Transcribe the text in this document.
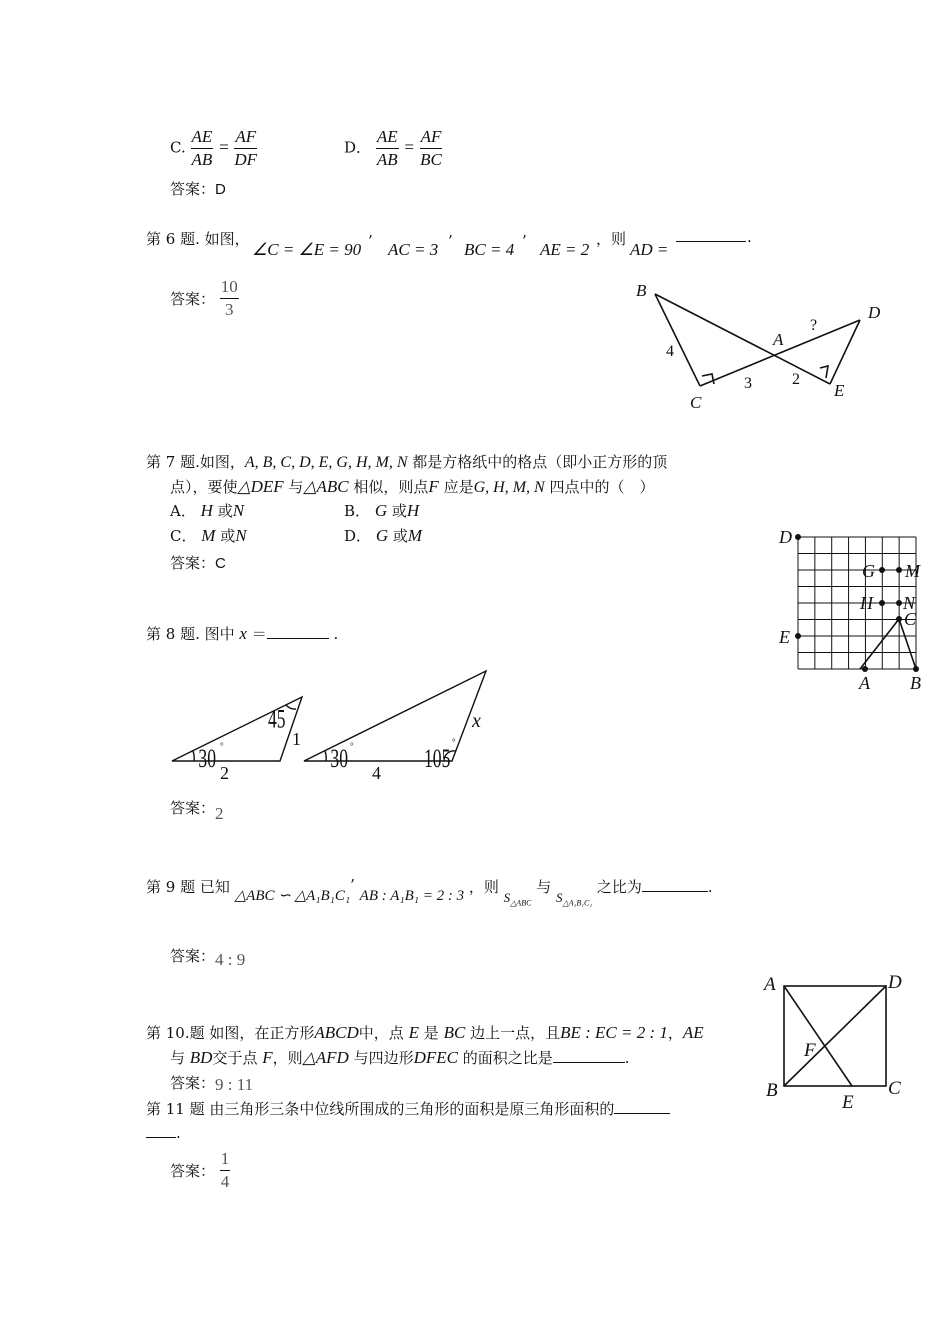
C. $\frac{AE}{AB} = \frac{AF}{DF}$	D． $\frac{AE}{AB} = \frac{AF}{BC}$
答案：D
第 6 题. 如图，
∠C = ∠E = 90 ’ AC = 3 ’ BC = 4 ’ AE = 2
，则
AD =
.
答案： $\frac{10}{3}$	B
C
A
D
E
4
3	2
?
第 7 题.如图，A, B, C, D, E, G, H, M, N 都是方格纸中的格点（即小正方形的顶
点），要使△DEF 与△ABC 相似，则点F 应是G, H, M, N 四点中的（　）
A． H 或N	B． G 或H
C． M 或N	D． G 或M
答案：C
D
G M
H N
C
E
A B
第 8 题. 图中 x ＝	.
30
45
1
2
30	105
4
x
°	°	°
答案：2
第 9 题 已知 △ABC ∽ △A₁B₁C₁’ AB : A₁B₁ = 2 : 3 ，则 $S_{\triangle ABC}$ 与 $S_{\triangle A_1B_1C_1}$ 之比为	.
答案：4 : 9
第 10.题 如图，在正方形ABCD中，点 E 是 BC 边上一点，且BE : EC = 2 : 1，AE
与 BD交于点 F，则△AFD 与四边形DFEC 的面积之比是	.
答案：9 : 11
A	D
B	C
E
F
第 11 题 由三角形三条中位线所围成的三角形的面积是原三角形面积的
.
答案： $\frac{1}{4}$
